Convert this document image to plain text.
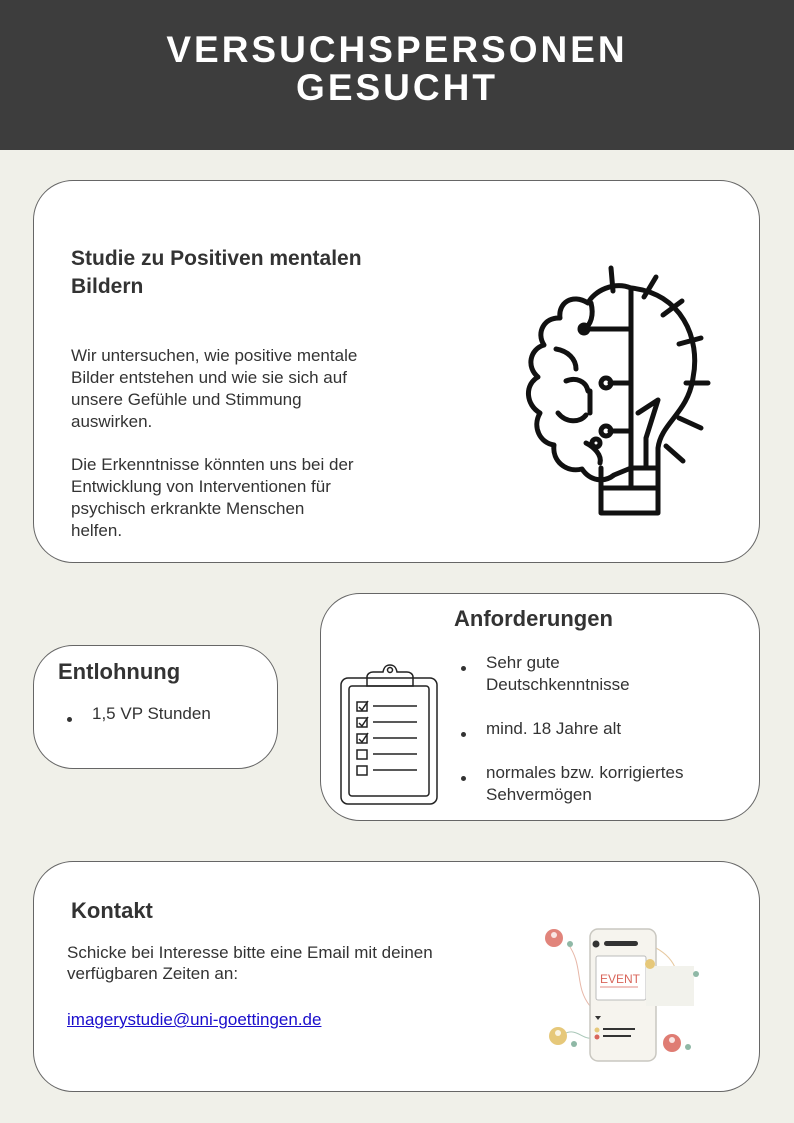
VERSUCHSPERSONEN
GESUCHT
Studie zu Positiven mentalen
Bildern
Wir untersuchen, wie positive mentale
Bilder entstehen und wie sie sich auf
unsere Gefühle und Stimmung
auswirken.
Die Erkenntnisse könnten uns bei der
Entwicklung von Interventionen für
psychisch erkrankte Menschen
helfen.
Entlohnung
1,5 VP Stunden
Anforderungen
Sehr gute
Deutschkenntnisse
mind. 18 Jahre alt
normales bzw. korrigiertes
Sehvermögen
Kontakt
Schicke bei Interesse bitte eine Email mit deinen
verfügbaren Zeiten an:
imagerystudie@uni-goettingen.de
EVENT
